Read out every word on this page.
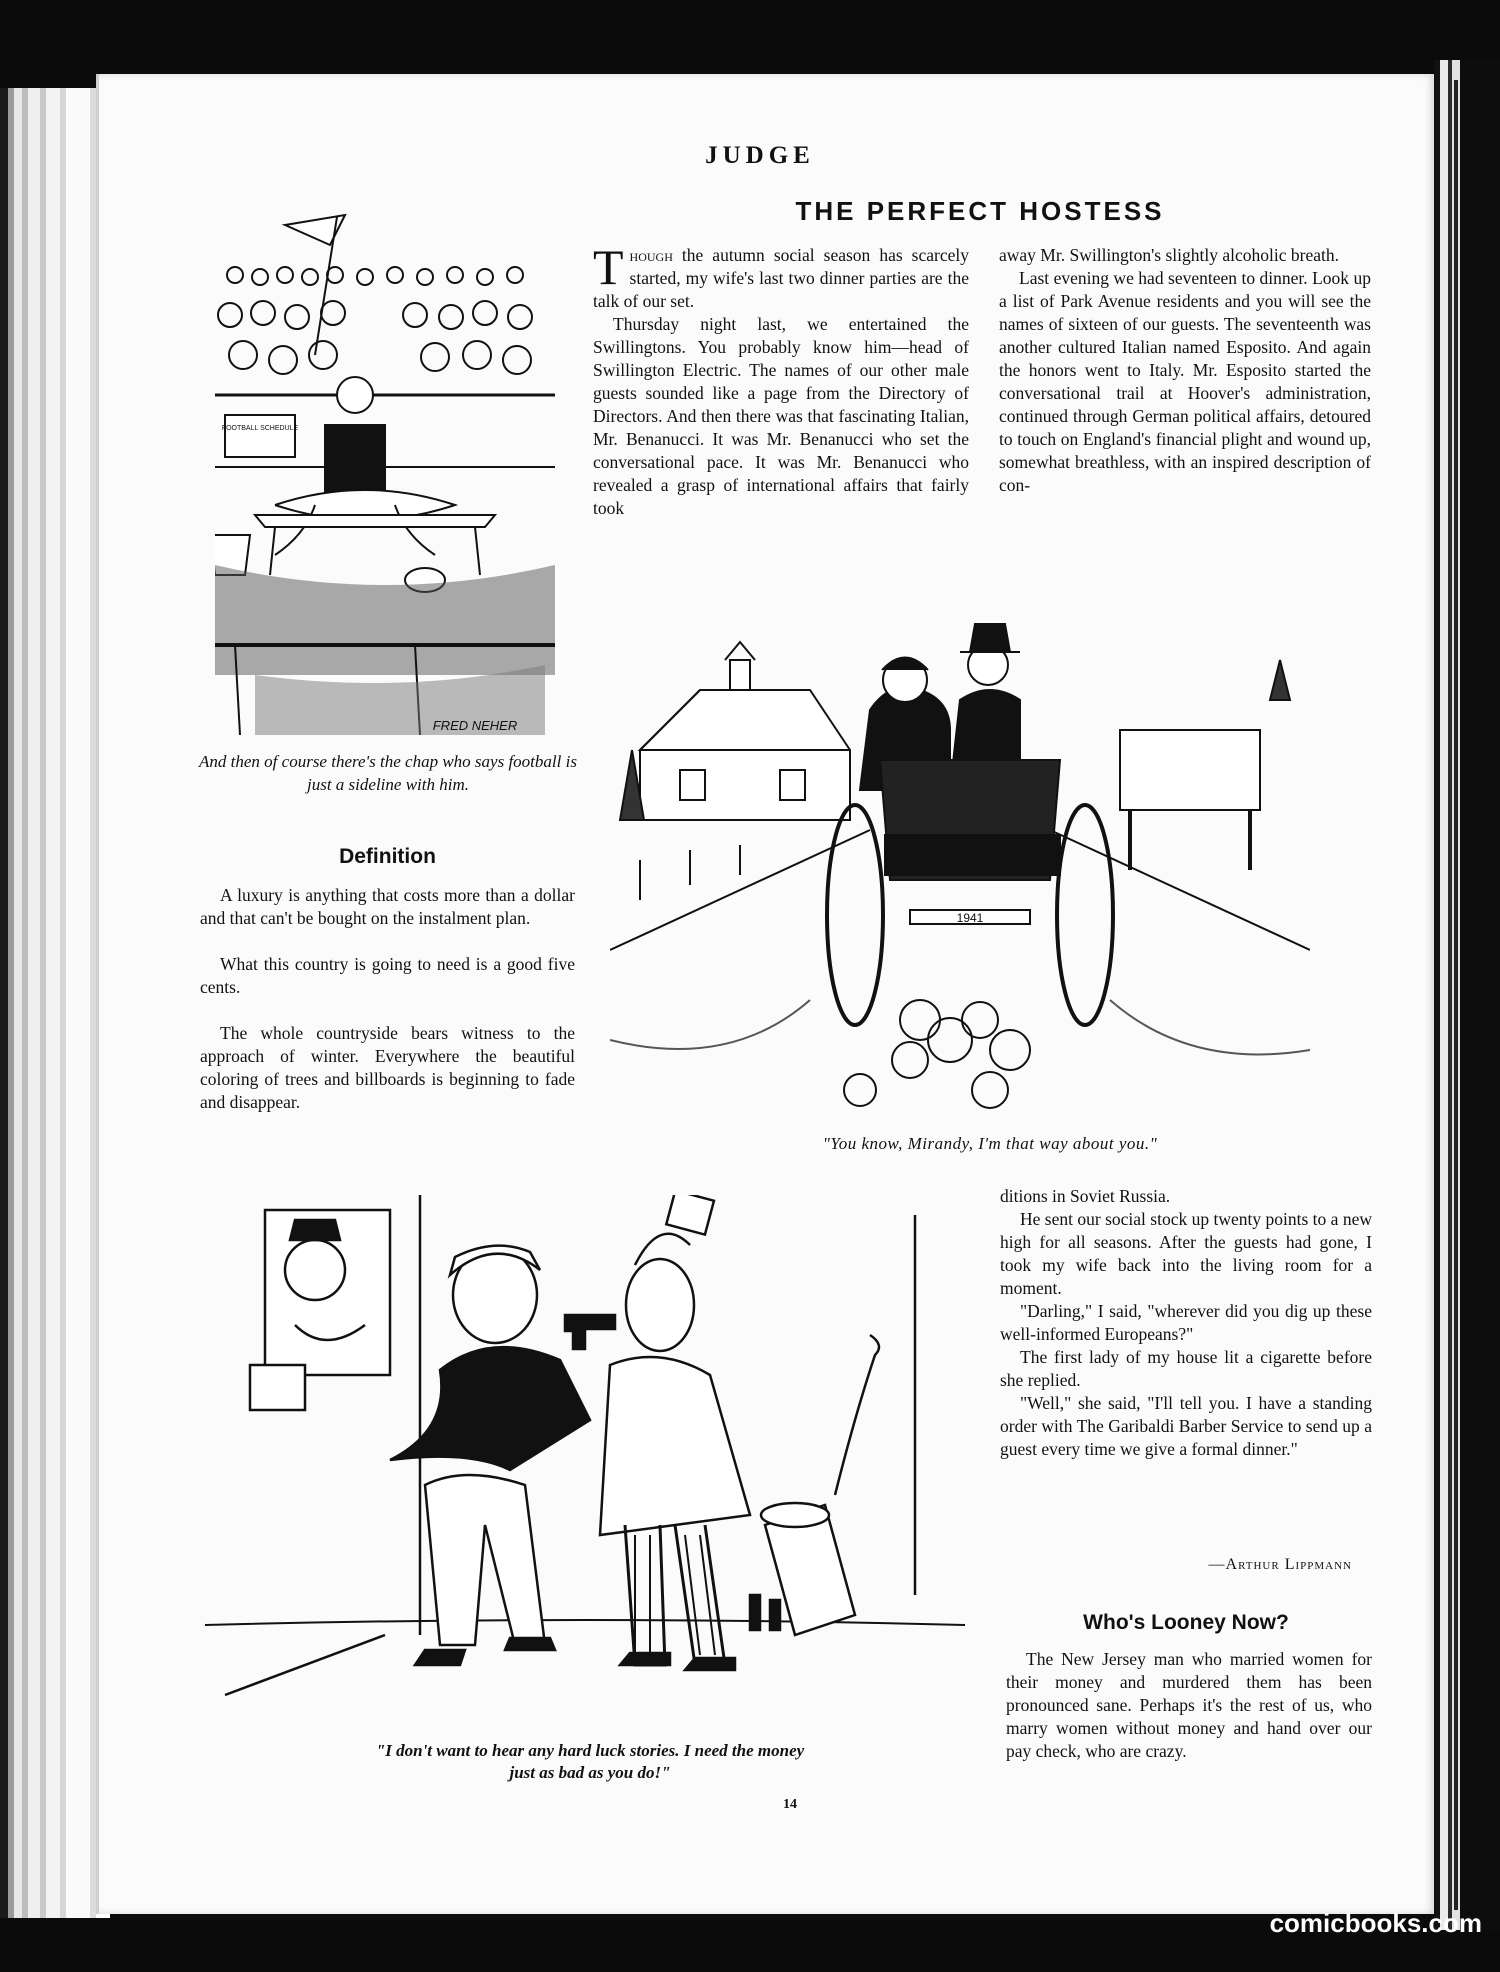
JUDGE
THE PERFECT HOSTESS

Though the autumn social season has scarcely started, my wife's last two dinner parties are the talk of our set.

Thursday night last, we entertained the Swillingtons. You probably know him—head of Swillington Electric. The names of our other male guests sounded like a page from the Directory of Directors. And then there was that fascinating Italian, Mr. Benanucci. It was Mr. Benanucci who set the conversational pace. It was Mr. Benanucci who revealed a grasp of international affairs that fairly took

away Mr. Swillington's slightly alcoholic breath.

Last evening we had seventeen to dinner. Look up a list of Park Avenue residents and you will see the names of sixteen of our guests. The seventeenth was another cultured Italian named Esposito. And again the honors went to Italy. Mr. Esposito started the conversational trail at Hoover's administration, continued through German political affairs, detoured to touch on England's financial plight and wound up, somewhat breathless, with an inspired description of con-

FOOTBALL SCHEDULE
FRED NEHER
And then of course there's the chap who says football is just a sideline with him.
Definition

A luxury is anything that costs more than a dollar and that can't be bought on the instalment plan.

What this country is going to need is a good five cents.

The whole countryside bears witness to the approach of winter. Everywhere the beautiful coloring of trees and billboards is beginning to fade and disappear.

1941
"You know, Mirandy, I'm that way about you."

ditions in Soviet Russia.

He sent our social stock up twenty points to a new high for all seasons. After the guests had gone, I took my wife back into the living room for a moment.

"Darling," I said, "wherever did you dig up these well-informed Europeans?"

The first lady of my house lit a cigarette before she replied.

"Well," she said, "I'll tell you. I have a standing order with The Garibaldi Barber Service to send up a guest every time we give a formal dinner."

—Arthur Lippmann
Who's Looney Now?

The New Jersey man who married women for their money and murdered them has been pronounced sane. Perhaps it's the rest of us, who marry women without money and hand over our pay check, who are crazy.

"I don't want to hear any hard luck stories. I need the money
just as bad as you do!"
14
comicbooks.com
